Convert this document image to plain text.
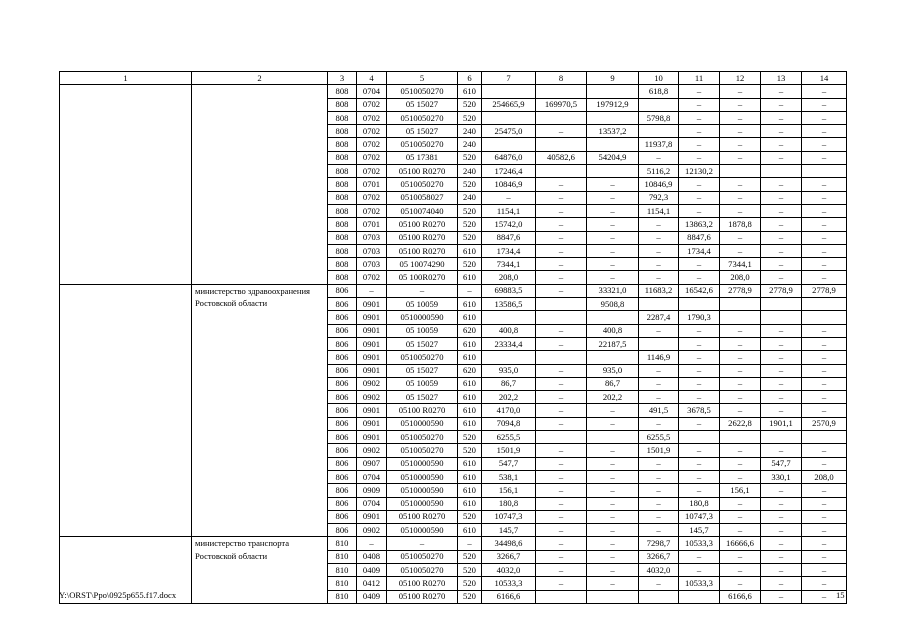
1	2	3	4	5	6	7	8	9	10	11	12	13	14
		808	0704	0510050270	610				618,8	–	–	–	–
		808	0702	05 15027	520	254665,9	169970,5	197912,9		–	–	–	–
		808	0702	0510050270	520				5798,8	–	–	–	–
		808	0702	05 15027	240	25475,0	–	13537,2		–	–	–	–
		808	0702	0510050270	240				11937,8	–	–	–	–
		808	0702	05 17381	520	64876,0	40582,6	54204,9	–	–	–	–	–
		808	0702	05100 R0270	240	17246,4			5116,2	12130,2			
		808	0701	0510050270	520	10846,9	–	–	10846,9	–	–	–	–
		808	0702	0510058027	240	–	–	–	792,3	–	–	–	–
		808	0702	0510074040	520	1154,1	–	–	1154,1	–	–	–	–
		808	0701	05100 R0270	520	15742,0	–	–	–	13863,2	1878,8	–	–
		808	0703	05100 R0270	520	8847,6	–	–	–	8847,6	–	–	–
		808	0703	05100 R0270	610	1734,4	–	–	–	1734,4	–	–	–
		808	0703	05 10074290	520	7344,1	–	–	–	–	7344,1	–	–
		808	0702	05 100R0270	610	208,0	–	–	–	–	208,0	–	–
	министерство здравоохранения Ростовской области	806	–	–	–	69883,5	–	33321,0	11683,2	16542,6	2778,9	2778,9	2778,9
		806	0901	05 10059	610	13586,5		9508,8					
		806	0901	0510000590	610				2287,4	1790,3			
		806	0901	05 10059	620	400,8	–	400,8	–	–	–	–	–
		806	0901	05 15027	610	23334,4	–	22187,5		–	–	–	–
		806	0901	0510050270	610				1146,9	–	–	–	–
		806	0901	05 15027	620	935,0	–	935,0	–	–	–	–	–
		806	0902	05 10059	610	86,7	–	86,7	–	–	–	–	–
		806	0902	05 15027	610	202,2	–	202,2	–	–	–	–	–
		806	0901	05100 R0270	610	4170,0	–	–	491,5	3678,5	–	–	–
		806	0901	0510000590	610	7094,8	–	–	–	–	2622,8	1901,1	2570,9
		806	0901	0510050270	520	6255,5			6255,5				
		806	0902	0510050270	520	1501,9	–	–	1501,9	–	–	–	–
		806	0907	0510000590	610	547,7	–	–	–	–	–	547,7	–
		806	0704	0510000590	610	538,1	–	–	–	–	–	330,1	208,0
		806	0909	0510000590	610	156,1	–	–	–	–	156,1	–	–
		806	0704	0510000590	610	180,8	–	–	–	180,8	–	–	–
		806	0901	05100 R0270	520	10747,3	–	–	–	10747,3	–	–	–
		806	0902	0510000590	610	145,7	–	–	–	145,7	–	–	–
	министерство транспорта Ростовской области	810	–	–	–	34498,6	–	–	7298,7	10533,3	16666,6	–	–
		810	0408	0510050270	520	3266,7	–	–	3266,7	–	–	–	–
		810	0409	0510050270	520	4032,0	–	–	4032,0	–	–	–	–
		810	0412	05100 R0270	520	10533,3	–	–	–	10533,3	–	–	–
		810	0409	05100 R0270	520	6166,6					6166,6	–	–
Y:\ORST\Ppo\0925p655.f17.docx	15
